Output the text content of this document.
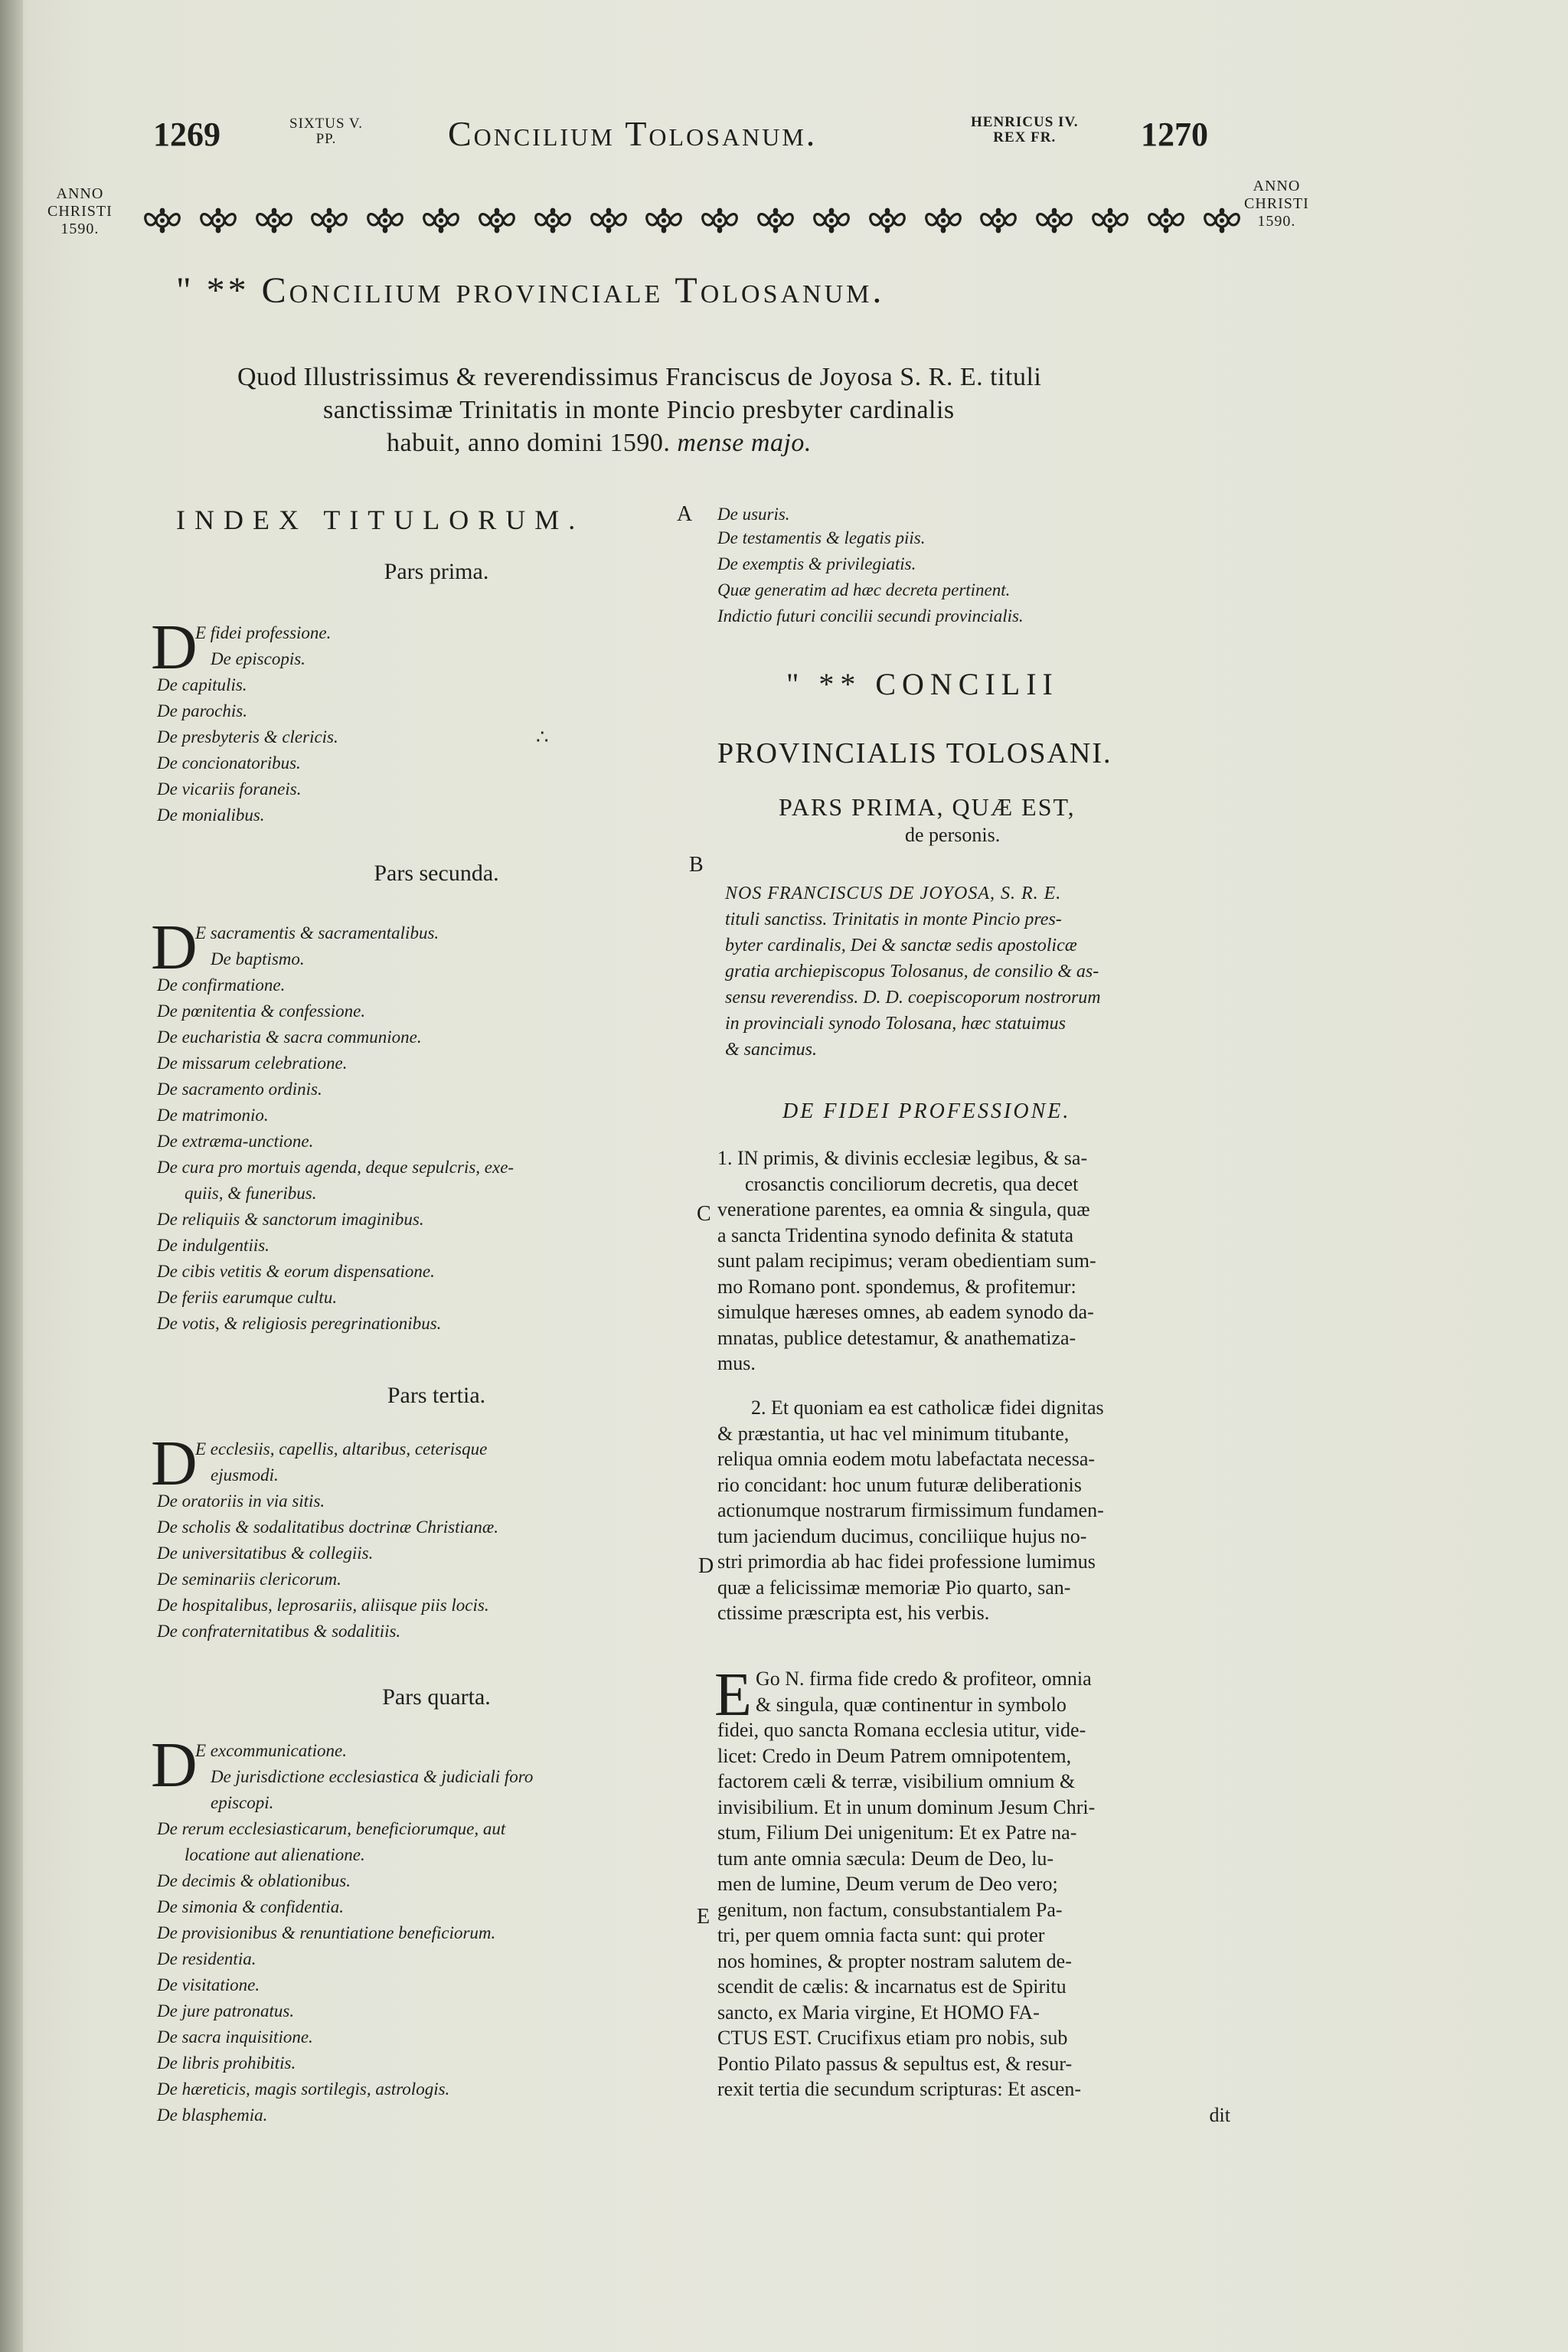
1269	SIXTUS V.
PP.	Concilium Tolosanum.	HENRICUS IV.
REX FR.	1270
ANNO
CHRISTI
1590.
ANNO
CHRISTI
1590.
" ** Concilium provinciale Tolosanum.
Quod Illustrissimus & reverendissimus Franciscus de Joyosa S. R. E. tituli
sanctissimæ Trinitatis in monte Pincio presbyter cardinalis
habuit, anno domini 1590. mense majo.
INDEX TITULORUM.
Pars prima.
D
E fidei professione.
De episcopis.
De capitulis.
De parochis.
De presbyteris & clericis.
De concionatoribus.
De vicariis foraneis.
De monialibus.
∴
Pars secunda.
D
E sacramentis & sacramentalibus.
De baptismo.
De confirmatione.
De pœnitentia & confessione.
De eucharistia & sacra communione.
De missarum celebratione.
De sacramento ordinis.
De matrimonio.
De extræma-unctione.
De cura pro mortuis agenda, deque sepulcris, exe-
quiis, & funeribus.
De reliquiis & sanctorum imaginibus.
De indulgentiis.
De cibis vetitis & eorum dispensatione.
De feriis earumque cultu.
De votis, & religiosis peregrinationibus.
Pars tertia.
D
E ecclesiis, capellis, altaribus, ceterisque
ejusmodi.
De oratoriis in via sitis.
De scholis & sodalitatibus doctrinæ Christianæ.
De universitatibus & collegiis.
De seminariis clericorum.
De hospitalibus, leprosariis, aliisque piis locis.
De confraternitatibus & sodalitiis.
Pars quarta.
D
E excommunicatione.
De jurisdictione ecclesiastica & judiciali foro
episcopi.
De rerum ecclesiasticarum, beneficiorumque, aut
locatione aut alienatione.
De decimis & oblationibus.
De simonia & confidentia.
De provisionibus & renuntiatione beneficiorum.
De residentia.
De visitatione.
De jure patronatus.
De sacra inquisitione.
De libris prohibitis.
De hæreticis, magis sortilegis, astrologis.
De blasphemia.
A
B
C
D
E
De usuris.
De testamentis & legatis piis.
De exemptis & privilegiatis.
Quæ generatim ad hæc decreta pertinent.
Indictio futuri concilii secundi provincialis.
" ** CONCILII
PROVINCIALIS TOLOSANI.
PARS PRIMA, QUÆ EST,
de personis.
NOS FRANCISCUS DE JOYOSA, S. R. E.
tituli sanctiss. Trinitatis in monte Pincio pres-
byter cardinalis, Dei & sanctæ sedis apostolicæ
gratia archiepiscopus Tolosanus, de consilio & as-
sensu reverendiss. D. D. coepiscoporum nostrorum
in provinciali synodo Tolosana, hæc statuimus
& sancimus.
DE FIDEI PROFESSIONE.

1. IN primis, & divinis ecclesiæ legibus, & sa-

crosanctis conciliorum decretis, qua decet

veneratione parentes, ea omnia & singula, quæ

a sancta Tridentina synodo definita & statuta

sunt palam recipimus; veram obedientiam sum-

mo Romano pont. spondemus, & profitemur:

simulque hæreses omnes, ab eadem synodo da-

mnatas, publice detestamur, & anathematiza-

mus.

2. Et quoniam ea est catholicæ fidei dignitas

& præstantia, ut hac vel minimum titubante,

reliqua omnia eodem motu labefactata necessa-

rio concidant: hoc unum futuræ deliberationis

actionumque nostrarum firmissimum fundamen-

tum jaciendum ducimus, conciliique hujus no-

stri primordia ab hac fidei professione lumimus

quæ a felicissimæ memoriæ Pio quarto, san-

ctissime præscripta est, his verbis.

E Go N. firma fide credo & profiteor, omnia

& singula, quæ continentur in symbolo

fidei, quo sancta Romana ecclesia utitur, vide-

licet: Credo in Deum Patrem omnipotentem,

factorem cæli & terræ, visibilium omnium &

invisibilium. Et in unum dominum Jesum Chri-

stum, Filium Dei unigenitum: Et ex Patre na-

tum ante omnia sæcula: Deum de Deo, lu-

men de lumine, Deum verum de Deo vero;

genitum, non factum, consubstantialem Pa-

tri, per quem omnia facta sunt: qui proter

nos homines, & propter nostram salutem de-

scendit de cælis: & incarnatus est de Spiritu

sancto, ex Maria virgine, Et HOMO FA-

CTUS EST. Crucifixus etiam pro nobis, sub

Pontio Pilato passus & sepultus est, & resur-

rexit tertia die secundum scripturas: Et ascen-

dit
